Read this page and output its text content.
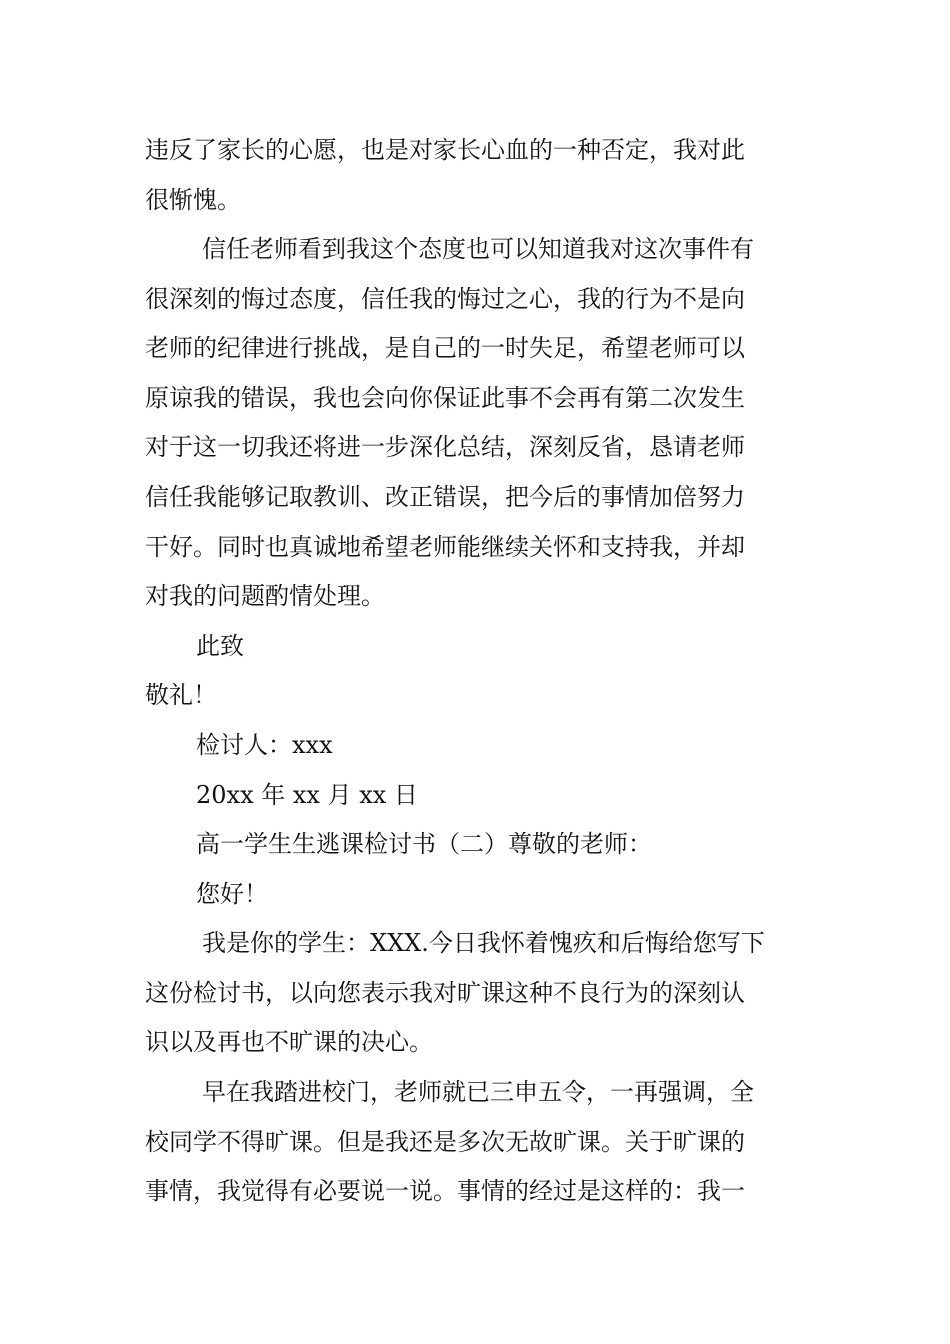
违反了家长的心愿，也是对家长心血的一种否定，我对此
很惭愧。
信任老师看到我这个态度也可以知道我对这次事件有
很深刻的悔过态度，信任我的悔过之心，我的行为不是向
老师的纪律进行挑战，是自己的一时失足，希望老师可以
原谅我的错误，我也会向你保证此事不会再有第二次发生
对于这一切我还将进一步深化总结，深刻反省，恳请老师
信任我能够记取教训、改正错误，把今后的事情加倍努力
干好。同时也真诚地希望老师能继续关怀和支持我，并却
对我的问题酌情处理。
此致
敬礼！
检讨人：xxx
20xx 年 xx 月 xx 日
高一学生生逃课检讨书（二）尊敬的老师：
您好！
我是你的学生：XXX.今日我怀着愧疚和后悔给您写下
这份检讨书，以向您表示我对旷课这种不良行为的深刻认
识以及再也不旷课的决心。
早在我踏进校门，老师就已三申五令，一再强调，全
校同学不得旷课。但是我还是多次无故旷课。关于旷课的
事情，我觉得有必要说一说。事情的经过是这样的：我一
